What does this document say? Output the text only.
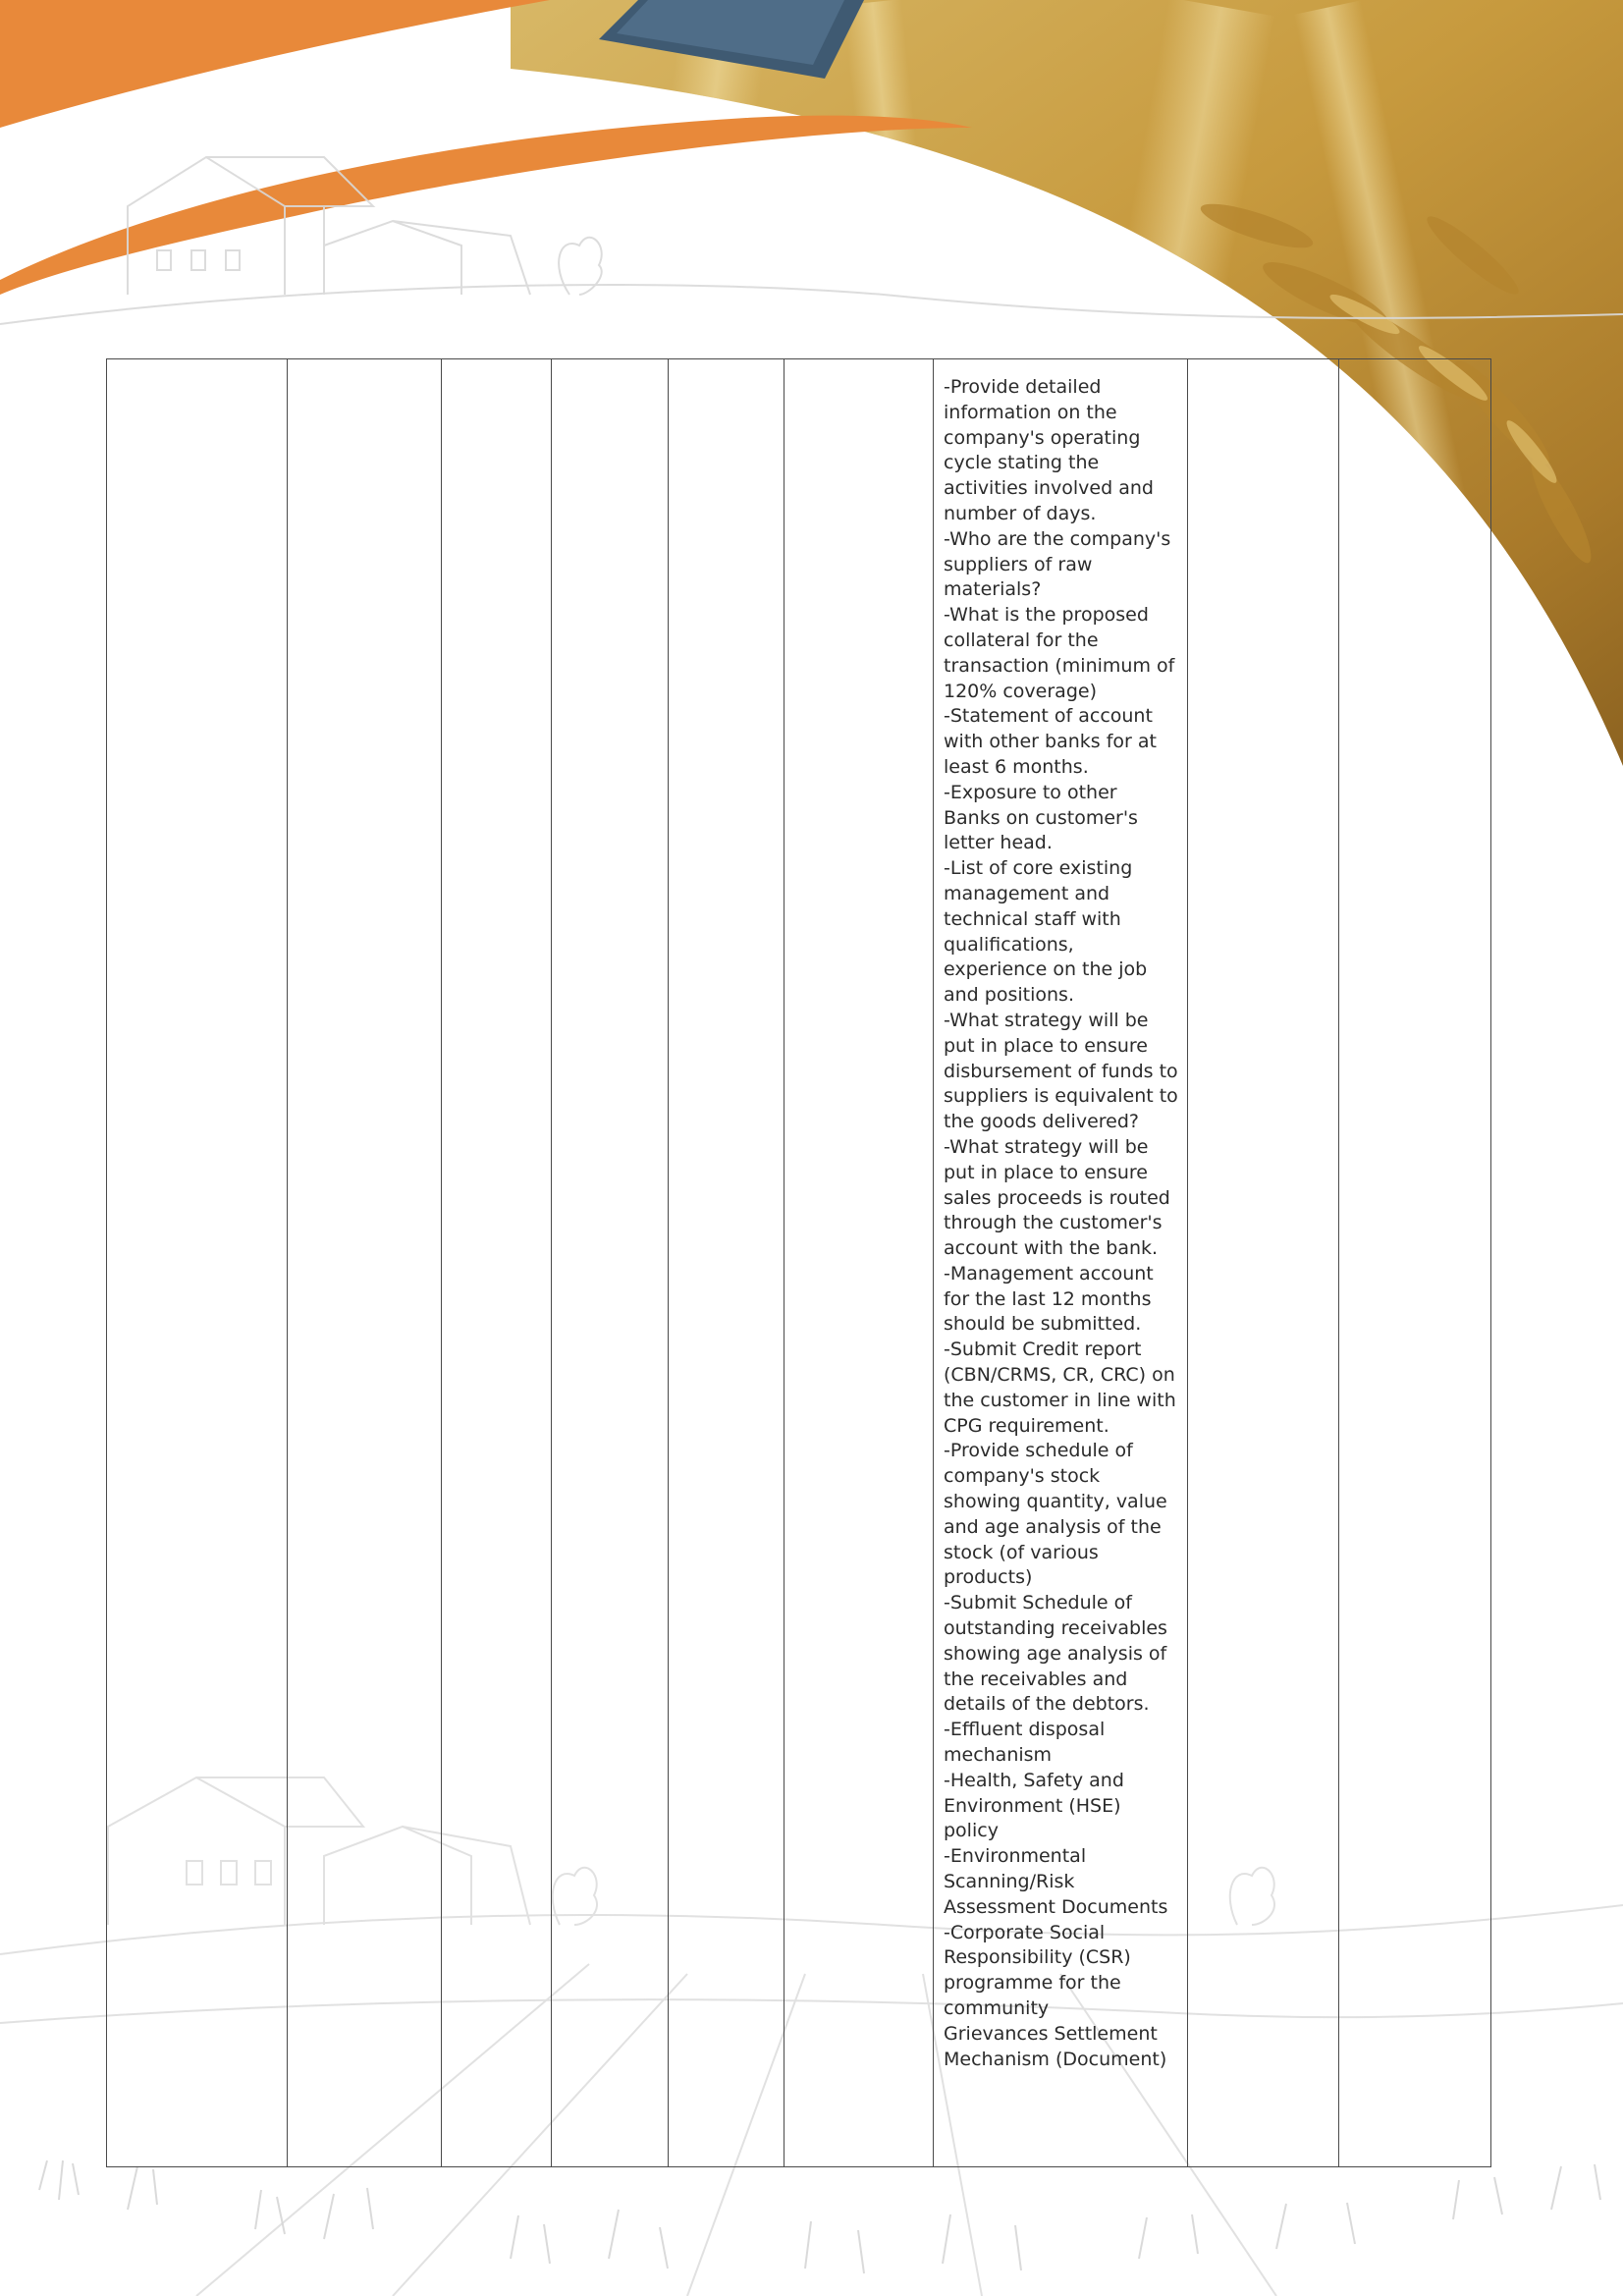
-Provide detailed information on the company's operating cycle stating the activities involved and number of days.
-Who are the company's suppliers of raw materials?
-What is the proposed collateral for the transaction (minimum of 120% coverage)
-Statement of account with other banks for at least 6 months.
-Exposure to other Banks on customer's letter head.
-List of core existing management and technical staff with qualifications, experience on the job and positions.
-What strategy will be put in place to ensure disbursement of funds to suppliers is equivalent to the goods delivered?
-What strategy will be put in place to ensure sales proceeds is routed through the customer's account with the bank.
-Management account for the last 12 months should be submitted.
-Submit Credit report (CBN/CRMS, CR, CRC) on the customer in line with CPG requirement.
-Provide schedule of company's stock showing quantity, value and age analysis of the stock (of various products)
-Submit Schedule of outstanding receivables showing age analysis of the receivables and details of the debtors.
-Effluent disposal mechanism
-Health, Safety and Environment (HSE) policy
-Environmental Scanning/Risk Assessment Documents
-Corporate Social Responsibility (CSR) programme for the community
Grievances Settlement Mechanism (Document)
